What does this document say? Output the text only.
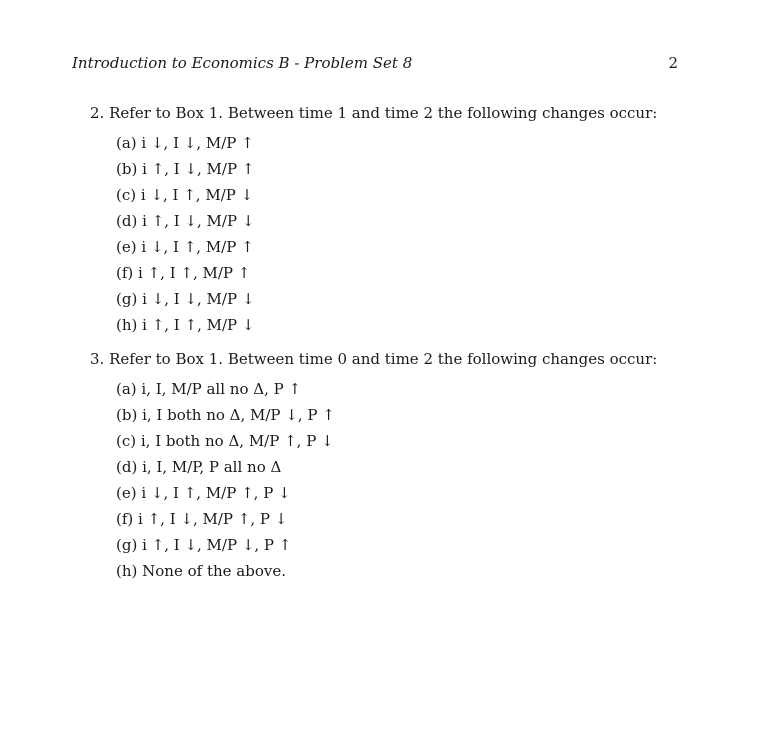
Introduction to Economics B - Problem Set 8	2
2. Refer to Box 1. Between time 1 and time 2 the following changes occur:
(a) i ↓, I ↓, M/P ↑
(b) i ↑, I ↓, M/P ↑
(c) i ↓, I ↑, M/P ↓
(d) i ↑, I ↓, M/P ↓
(e) i ↓, I ↑, M/P ↑
(f) i ↑, I ↑, M/P ↑
(g) i ↓, I ↓, M/P ↓
(h) i ↑, I ↑, M/P ↓
3. Refer to Box 1. Between time 0 and time 2 the following changes occur:
(a) i, I, M/P all no Δ, P ↑
(b) i, I both no Δ, M/P ↓, P ↑
(c) i, I both no Δ, M/P ↑, P ↓
(d) i, I, M/P, P all no Δ
(e) i ↓, I ↑, M/P ↑, P ↓
(f) i ↑, I ↓, M/P ↑, P ↓
(g) i ↑, I ↓, M/P ↓, P ↑
(h) None of the above.
